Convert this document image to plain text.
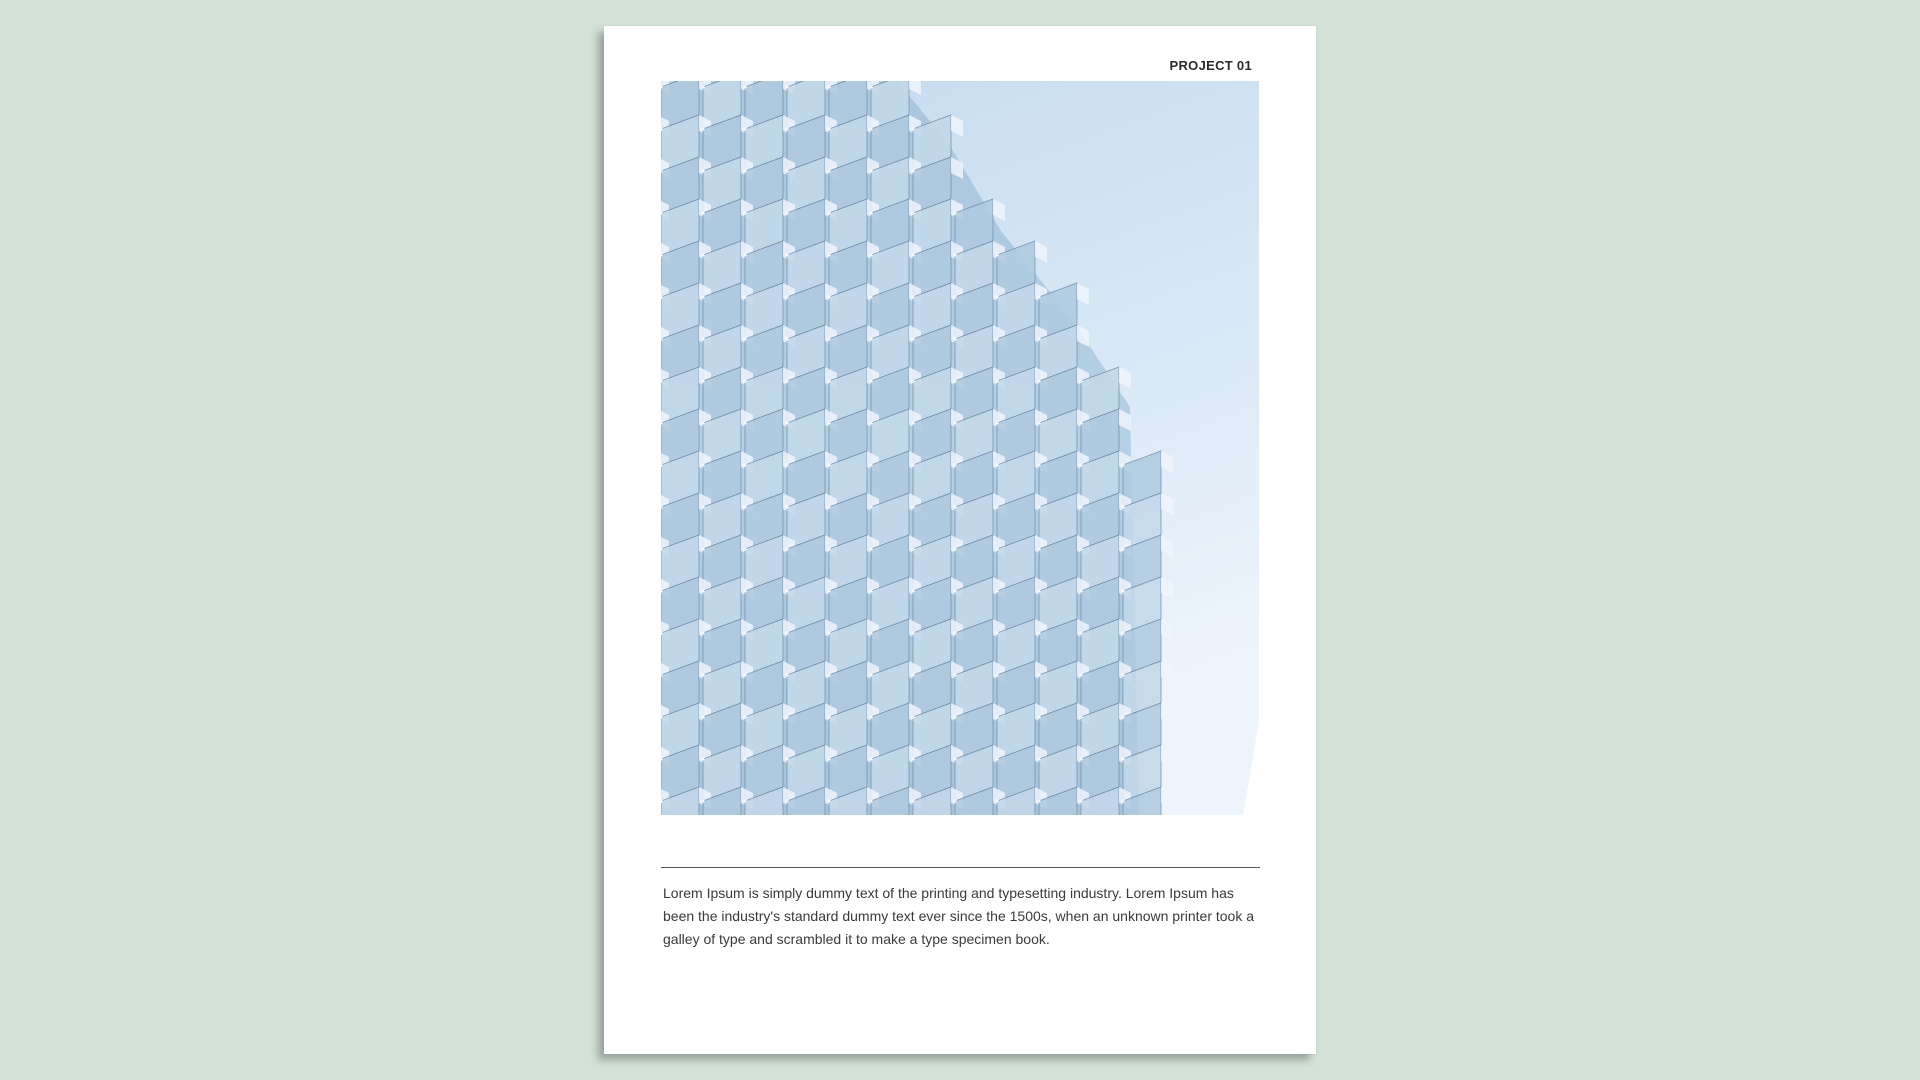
PROJECT 01

Lorem Ipsum is simply dummy text of the printing and typesetting industry. Lorem Ipsum has been the industry's standard dummy text ever since the 1500s, when an unknown printer took a galley of type and scrambled it to make a type specimen book.
